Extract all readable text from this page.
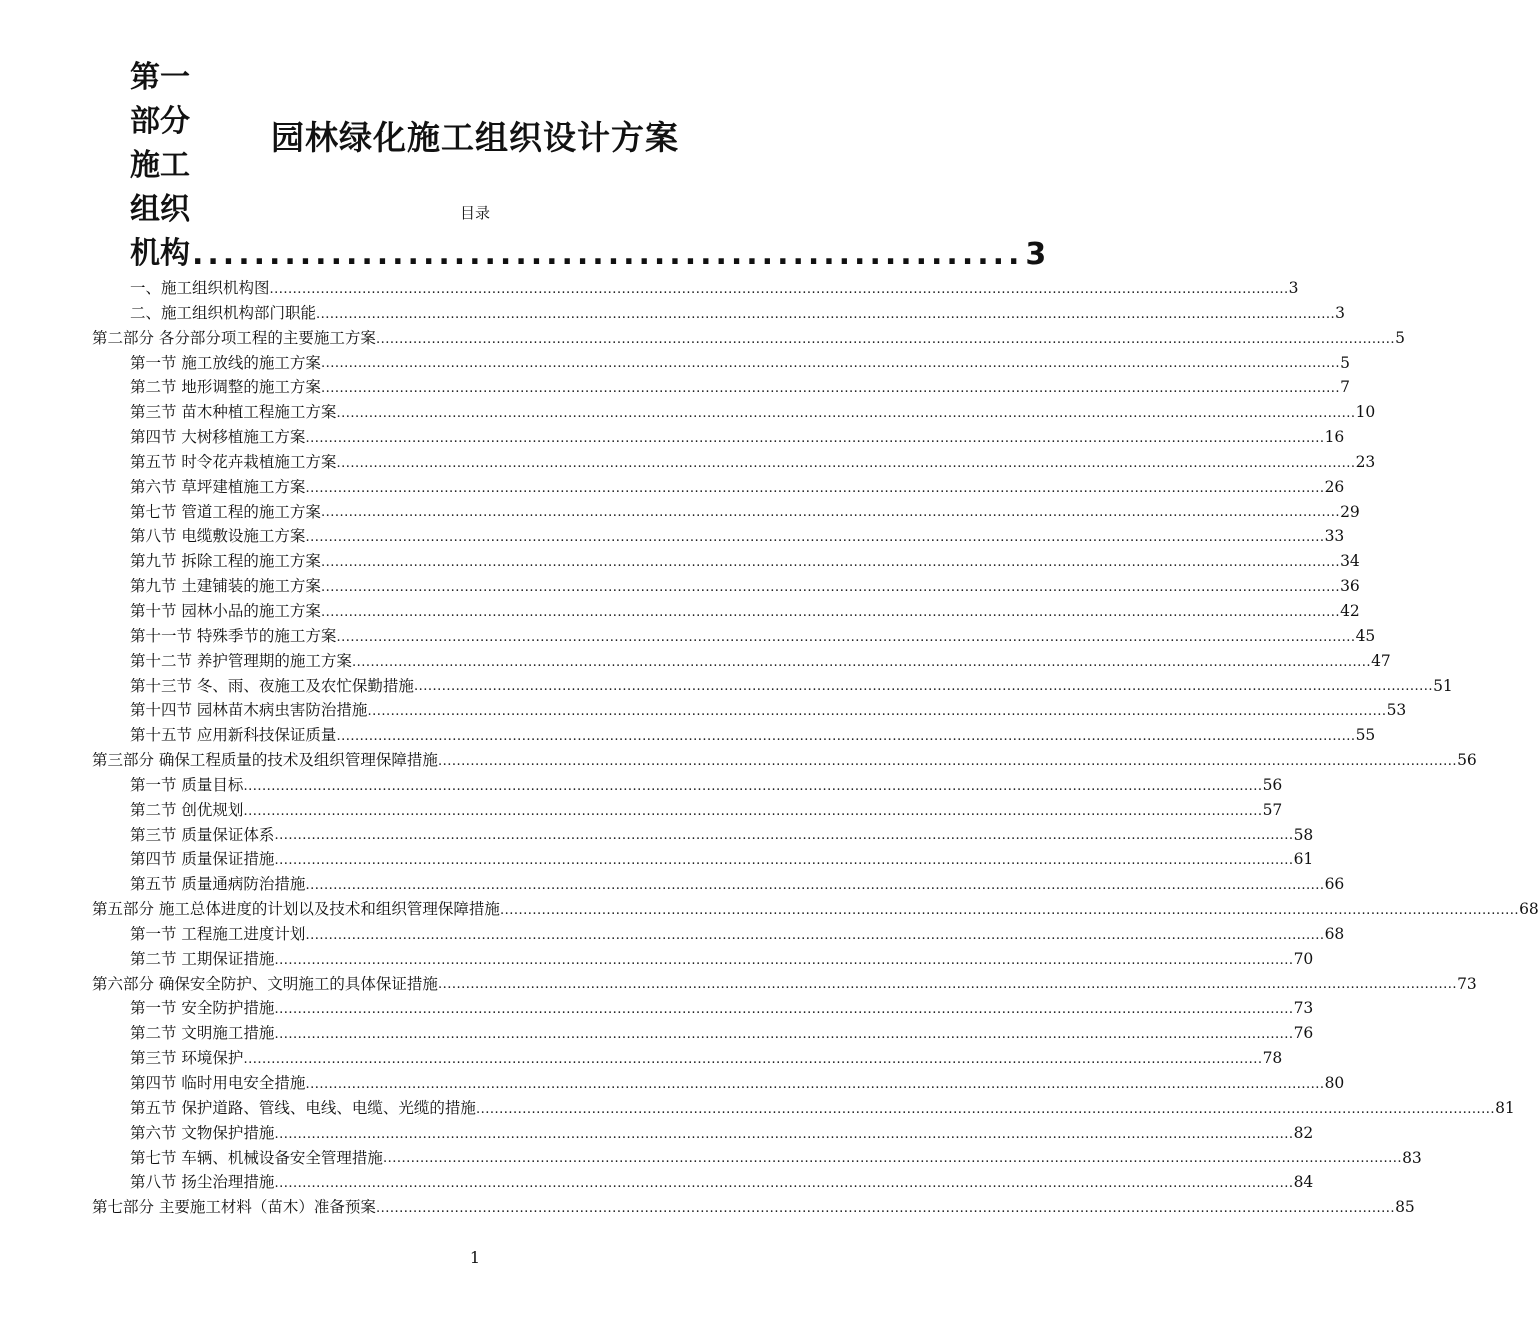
园林绿化施工组织设计方案
目录
第一部分　施工组织机构 ...................................................... 3
一、施工组织机构图 ............................................................................................................................................................................................................................ 3
二、施工组织机构部门职能 ............................................................................................................................................................................................................................ 3
第二部分 各分部分项工程的主要施工方案 ............................................................................................................................................................................................................................ 5
第一节 施工放线的施工方案 ............................................................................................................................................................................................................................ 5
第二节 地形调整的施工方案 ............................................................................................................................................................................................................................ 7
第三节 苗木种植工程施工方案 ............................................................................................................................................................................................................................ 10
第四节 大树移植施工方案 ............................................................................................................................................................................................................................ 16
第五节 时令花卉栽植施工方案 ............................................................................................................................................................................................................................ 23
第六节 草坪建植施工方案 ............................................................................................................................................................................................................................ 26
第七节 管道工程的施工方案 ............................................................................................................................................................................................................................ 29
第八节 电缆敷设施工方案 ............................................................................................................................................................................................................................ 33
第九节 拆除工程的施工方案 ............................................................................................................................................................................................................................ 34
第九节 土建铺装的施工方案 ............................................................................................................................................................................................................................ 36
第十节 园林小品的施工方案 ............................................................................................................................................................................................................................ 42
第十一节 特殊季节的施工方案 ............................................................................................................................................................................................................................ 45
第十二节 养护管理期的施工方案 ............................................................................................................................................................................................................................ 47
第十三节 冬、雨、夜施工及农忙保勤措施 ............................................................................................................................................................................................................................ 51
第十四节 园林苗木病虫害防治措施 ............................................................................................................................................................................................................................ 53
第十五节 应用新科技保证质量 ............................................................................................................................................................................................................................ 55
第三部分 确保工程质量的技术及组织管理保障措施 ............................................................................................................................................................................................................................ 56
第一节 质量目标 ............................................................................................................................................................................................................................ 56
第二节 创优规划 ............................................................................................................................................................................................................................ 57
第三节 质量保证体系 ............................................................................................................................................................................................................................ 58
第四节 质量保证措施 ............................................................................................................................................................................................................................ 61
第五节 质量通病防治措施 ............................................................................................................................................................................................................................ 66
第五部分 施工总体进度的计划以及技术和组织管理保障措施 ............................................................................................................................................................................................................................ 68
第一节 工程施工进度计划 ............................................................................................................................................................................................................................ 68
第二节 工期保证措施 ............................................................................................................................................................................................................................ 70
第六部分 确保安全防护、文明施工的具体保证措施 ............................................................................................................................................................................................................................ 73
第一节 安全防护措施 ............................................................................................................................................................................................................................ 73
第二节 文明施工措施 ............................................................................................................................................................................................................................ 76
第三节 环境保护 ............................................................................................................................................................................................................................ 78
第四节 临时用电安全措施 ............................................................................................................................................................................................................................ 80
第五节 保护道路、管线、电线、电缆、光缆的措施 ............................................................................................................................................................................................................................ 81
第六节 文物保护措施 ............................................................................................................................................................................................................................ 82
第七节 车辆、机械设备安全管理措施 ............................................................................................................................................................................................................................ 83
第八节 扬尘治理措施 ............................................................................................................................................................................................................................ 84
第七部分 主要施工材料（苗木）准备预案 ............................................................................................................................................................................................................................ 85
1
